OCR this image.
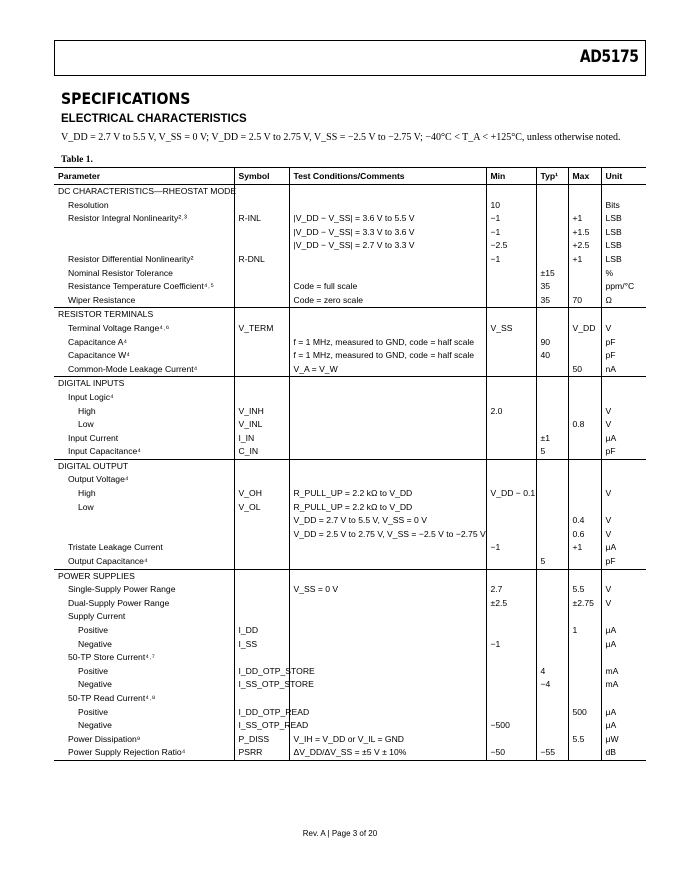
AD5175
SPECIFICATIONS
ELECTRICAL CHARACTERISTICS
V_DD = 2.7 V to 5.5 V, V_SS = 0 V; V_DD = 2.5 V to 2.75 V, V_SS = −2.5 V to −2.75 V; −40°C < T_A < +125°C, unless otherwise noted.
Table 1.
Parameter	Symbol	Test Conditions/Comments	Min	Typ¹	Max	Unit
DC CHARACTERISTICS—RHEOSTAT MODE						
Resolution			10			Bits
Resistor Integral Nonlinearity²˒³	R-INL	|V_DD − V_SS| = 3.6 V to 5.5 V	−1		+1	LSB
		|V_DD − V_SS| = 3.3 V to 3.6 V	−1		+1.5	LSB
		|V_DD − V_SS| = 2.7 V to 3.3 V	−2.5		+2.5	LSB
Resistor Differential Nonlinearity²	R-DNL		−1		+1	LSB
Nominal Resistor Tolerance				±15		%
Resistance Temperature Coefficient⁴˒⁵		Code = full scale		35		ppm/°C
Wiper Resistance		Code = zero scale		35	70	Ω
RESISTOR TERMINALS						
Terminal Voltage Range⁴˒⁶	V_TERM		V_SS		V_DD	V
Capacitance A⁴		f = 1 MHz, measured to GND, code = half scale		90		pF
Capacitance W⁴		f = 1 MHz, measured to GND, code = half scale		40		pF
Common-Mode Leakage Current⁴		V_A = V_W			50	nA
DIGITAL INPUTS						
Input Logic⁴						
High	V_INH		2.0			V
Low	V_INL				0.8	V
Input Current	I_IN			±1		μA
Input Capacitance⁴	C_IN			5		pF
DIGITAL OUTPUT						
Output Voltage⁴						
High	V_OH	R_PULL_UP = 2.2 kΩ to V_DD	V_DD − 0.1			V
Low	V_OL	R_PULL_UP = 2.2 kΩ to V_DD				
		V_DD = 2.7 V to 5.5 V, V_SS = 0 V			0.4	V
		V_DD = 2.5 V to 2.75 V, V_SS = −2.5 V to −2.75 V			0.6	V
Tristate Leakage Current			−1		+1	μA
Output Capacitance⁴				5		pF
POWER SUPPLIES						
Single-Supply Power Range		V_SS = 0 V	2.7		5.5	V
Dual-Supply Power Range			±2.5		±2.75	V
Supply Current						
Positive	I_DD				1	μA
Negative	I_SS		−1			μA
50-TP Store Current⁴˒⁷						
Positive	I_DD_OTP_STORE			4		mA
Negative	I_SS_OTP_STORE			−4		mA
50-TP Read Current⁴˒⁸						
Positive	I_DD_OTP_READ				500	μA
Negative	I_SS_OTP_READ		−500			μA
Power Dissipation⁹	P_DISS	V_IH = V_DD or V_IL = GND			5.5	μW
Power Supply Rejection Ratio⁴	PSRR	ΔV_DD/ΔV_SS = ±5 V ± 10%	−50	−55		dB
Rev. A | Page 3 of 20
